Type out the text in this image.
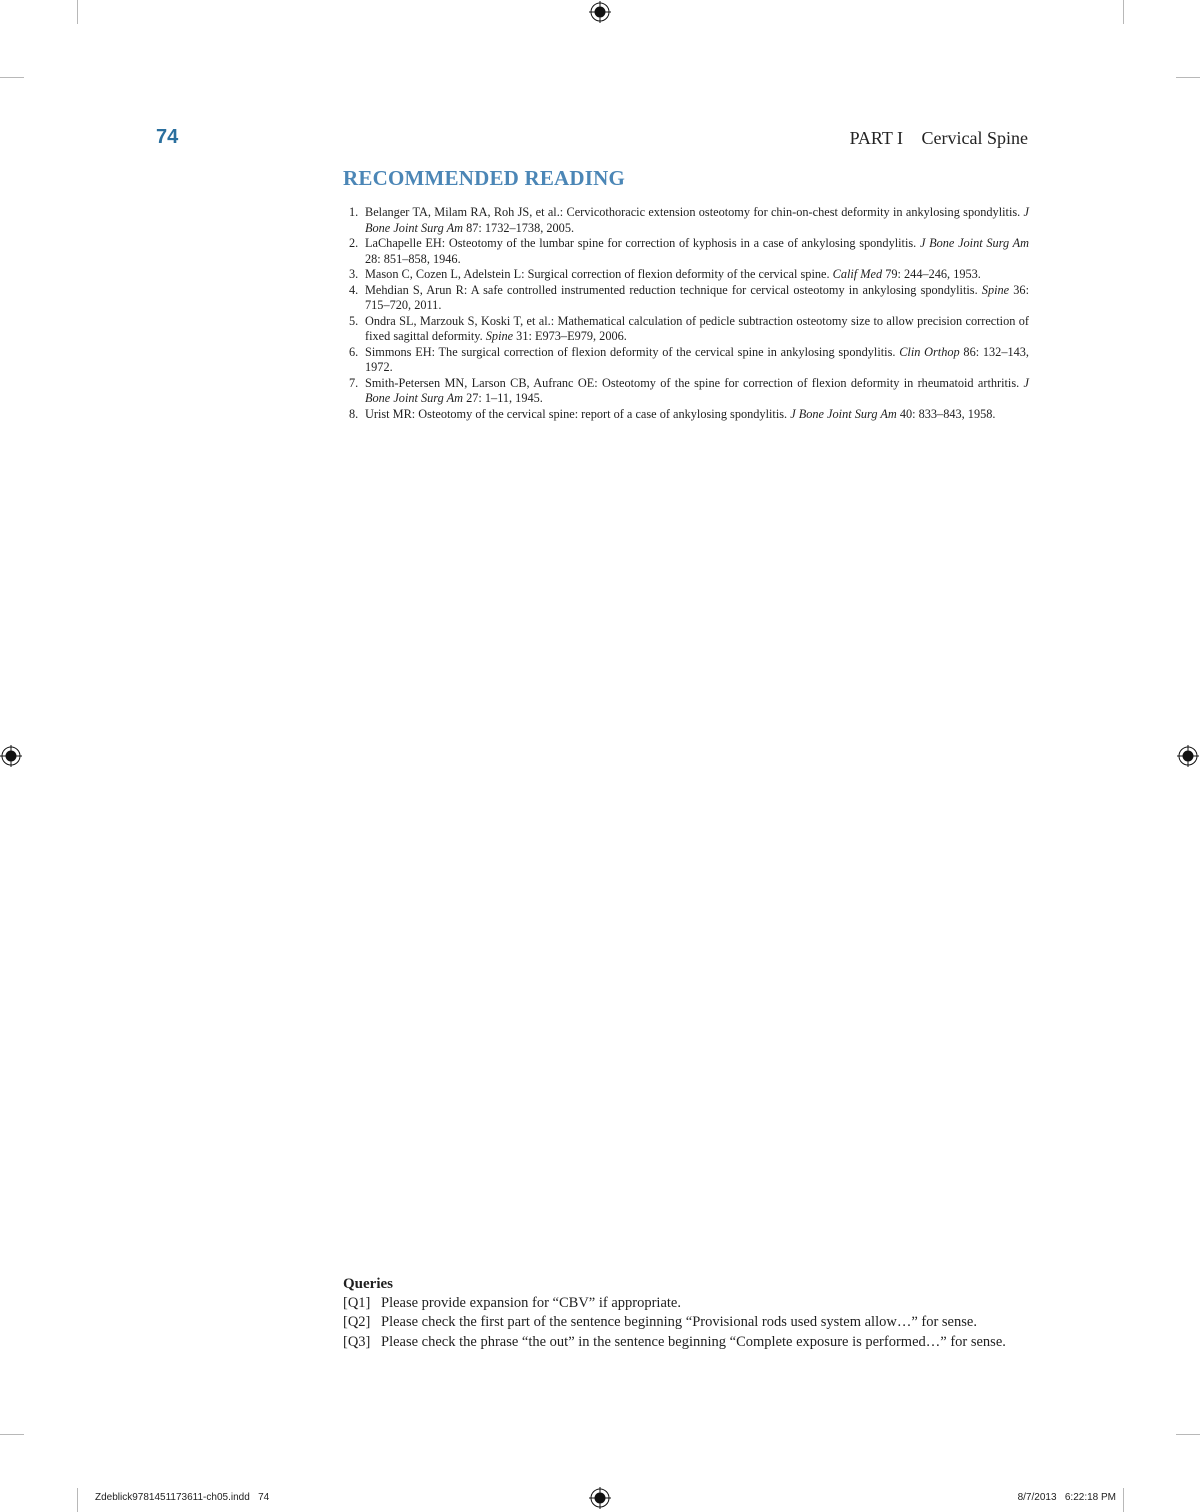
74	PART I Cervical Spine
RECOMMENDED READING
1. Belanger TA, Milam RA, Roh JS, et al.: Cervicothoracic extension osteotomy for chin-on-chest deformity in ankylosing spondylitis. J Bone Joint Surg Am 87: 1732–1738, 2005.
2. LaChapelle EH: Osteotomy of the lumbar spine for correction of kyphosis in a case of ankylosing spondylitis. J Bone Joint Surg Am 28: 851–858, 1946.
3. Mason C, Cozen L, Adelstein L: Surgical correction of flexion deformity of the cervical spine. Calif Med 79: 244–246, 1953.
4. Mehdian S, Arun R: A safe controlled instrumented reduction technique for cervical osteotomy in ankylosing spondylitis. Spine 36: 715–720, 2011.
5. Ondra SL, Marzouk S, Koski T, et al.: Mathematical calculation of pedicle subtraction osteotomy size to allow precision correction of fixed sagittal deformity. Spine 31: E973–E979, 2006.
6. Simmons EH: The surgical correction of flexion deformity of the cervical spine in ankylosing spondylitis. Clin Orthop 86: 132–143, 1972.
7. Smith-Petersen MN, Larson CB, Aufranc OE: Osteotomy of the spine for correction of flexion deformity in rheumatoid arthritis. J Bone Joint Surg Am 27: 1–11, 1945.
8. Urist MR: Osteotomy of the cervical spine: report of a case of ankylosing spondylitis. J Bone Joint Surg Am 40: 833–843, 1958.
Queries
[Q1] Please provide expansion for “CBV” if appropriate.
[Q2] Please check the first part of the sentence beginning “Provisional rods used system allow…” for sense.
[Q3] Please check the phrase “the out” in the sentence beginning “Complete exposure is performed…” for sense.
Zdeblick9781451173611-ch05.indd   74	8/7/2013   6:22:18 PM
